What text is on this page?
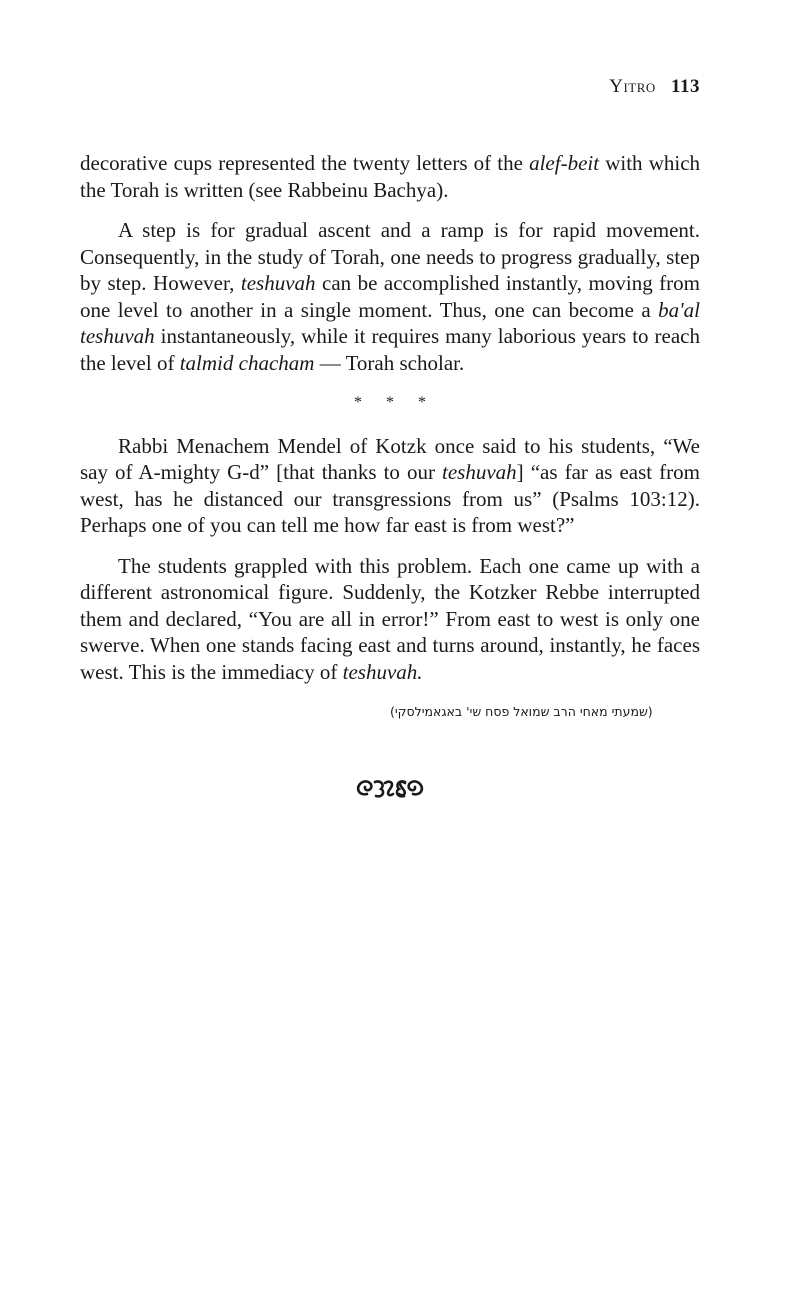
Yitro 113

decorative cups represented the twenty letters of the alef-beit with which the Torah is written (see Rabbeinu Bachya).

A step is for gradual ascent and a ramp is for rapid movement. Consequently, in the study of Torah, one needs to progress gradually, step by step. However, teshuvah can be accomplished instantly, moving from one level to another in a single moment. Thus, one can become a ba'al teshuvah instantaneously, while it requires many laborious years to reach the level of talmid chacham — Torah scholar.

* * *

Rabbi Menachem Mendel of Kotzk once said to his students, “We say of A-mighty G-d” [that thanks to our teshuvah] “as far as east from west, has he distanced our transgressions from us” (Psalms 103:12). Perhaps one of you can tell me how far east is from west?”

The students grappled with this problem. Each one came up with a different astronomical figure. Suddenly, the Kotzker Rebbe interrupted them and declared, “You are all in error!” From east to west is only one swerve. When one stands facing east and turns around, instantly, he faces west. This is the immediacy of teshuvah.

(שמעתי מאחי הרב שמואל פסח שי' באגאמילסקי)
